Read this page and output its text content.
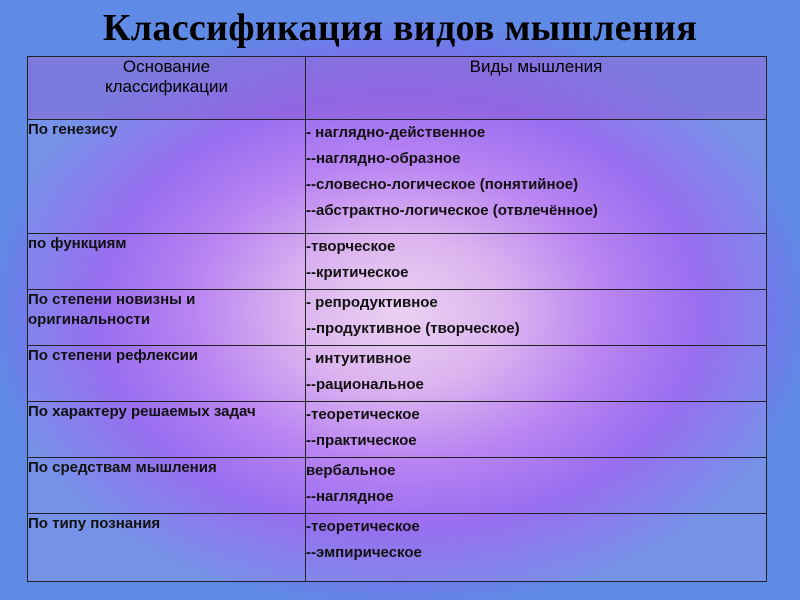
Классификация видов мышления
Основание классификации	Виды мышления
По генезису	- наглядно-действенное
--наглядно-образное
--словесно-логическое (понятийное)
--абстрактно-логическое (отвлечённое)

по функциям	-творческое
--критическое

По степени новизны и оригинальности	- репродуктивное
--продуктивное (творческое)

По степени рефлексии	- интуитивное
--рациональное

По характеру решаемых задач	-теоретическое
--практическое

По средствам мышления	вербальное
--наглядное

По типу познания	-теоретическое
--эмпирическое
